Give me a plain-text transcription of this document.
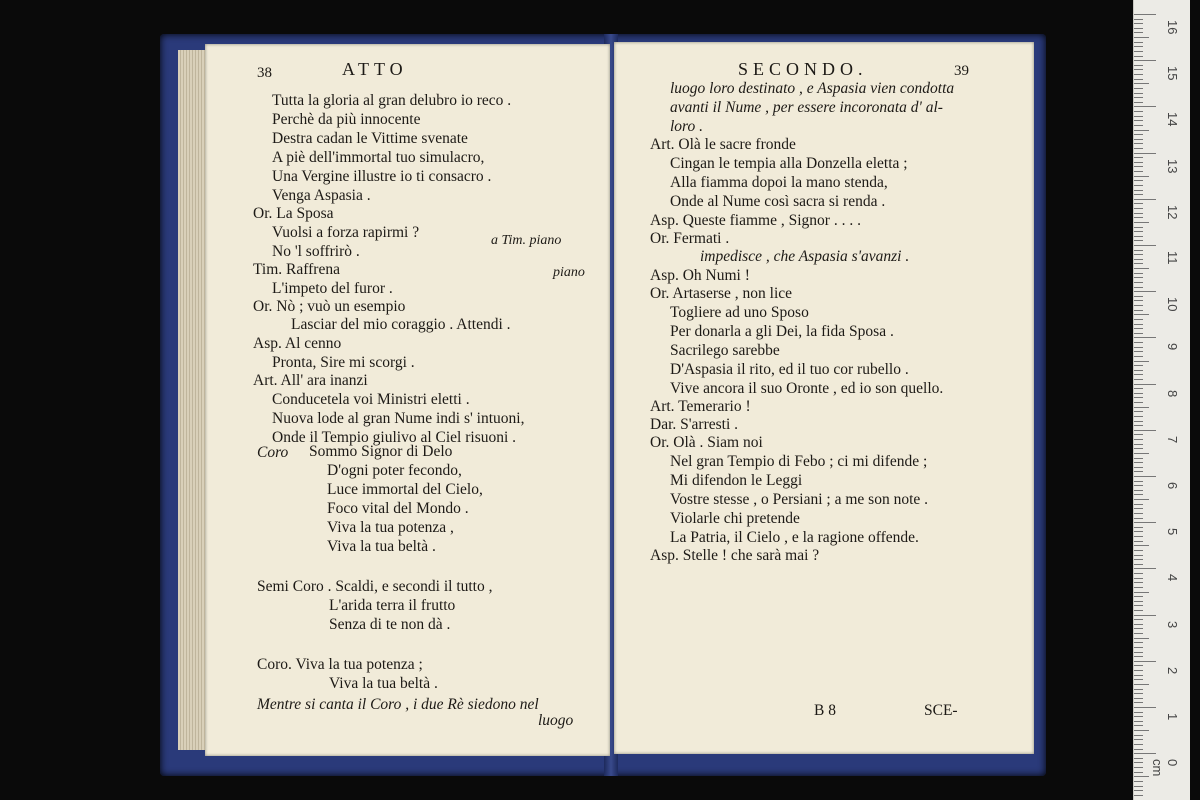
38	ATTO
Tutta la gloria al gran delubro io reco .
Perchè da più innocente
Destra cadan le Vittime svenate
A piè dell'immortal tuo simulacro,
Una Vergine illustre io ti consacro .
Venga Aspasia .
Or. La Sposa
Vuolsi a forza rapirmi ?
No 'l soffrirò .
Tim. Raffrena
L'impeto del furor .
Or. Nò ; vuò un esempio
Lasciar del mio coraggio . Attendi .
Asp. Al cenno
Pronta, Sire mi scorgi .
Art. All' ara inanzi
Conducetela voi Ministri eletti .
Nuova lode al gran Nume indi s' intuoni,
Onde il Tempio giulivo al Ciel risuoni .
Coro Sommo Signor di Delo
D'ogni poter fecondo,
Luce immortal del Cielo,
Foco vital del Mondo .
Viva la tua potenza ,
Viva la tua beltà .
Semi Coro . Scaldi, e secondi il tutto ,
L'arida terra il frutto
Senza di te non dà .
Coro. Viva la tua potenza ;
Viva la tua beltà .
Mentre si canta il Coro , i due Rè siedono nel
luogo
a Tim. piano
piano
SECONDO.	39
luogo loro destinato , e Aspasia vien condotta
avanti il Nume , per essere incoronata d' al-
loro .
Art. Olà le sacre fronde
Cingan le tempia alla Donzella eletta ;
Alla fiamma dopoi la mano stenda,
Onde al Nume così sacra si renda .
Asp. Queste fiamme , Signor . . . .
Or. Fermati .
impedisce , che Aspasia s'avanzi .
Asp. Oh Numi !
Or. Artaserse , non lice
Togliere ad uno Sposo
Per donarla a gli Dei, la fida Sposa .
Sacrilego sarebbe
D'Aspasia il rito, ed il tuo cor rubello .
Vive ancora il suo Oronte , ed io son quello.
Art. Temerario !
Dar. S'arresti .
Or. Olà . Siam noi
Nel gran Tempio di Febo ; ci mi difende ;
Mi difendon le Leggi
Vostre stesse , o Persiani ; a me son note .
Violarle chi pretende
La Patria, il Cielo , e la ragione offende.
Asp. Stelle ! che sarà mai ?
B 8	SCE-
16
15
14
13
12
11
10
9
8
7
6
5
4
3
2
1
0 cm
